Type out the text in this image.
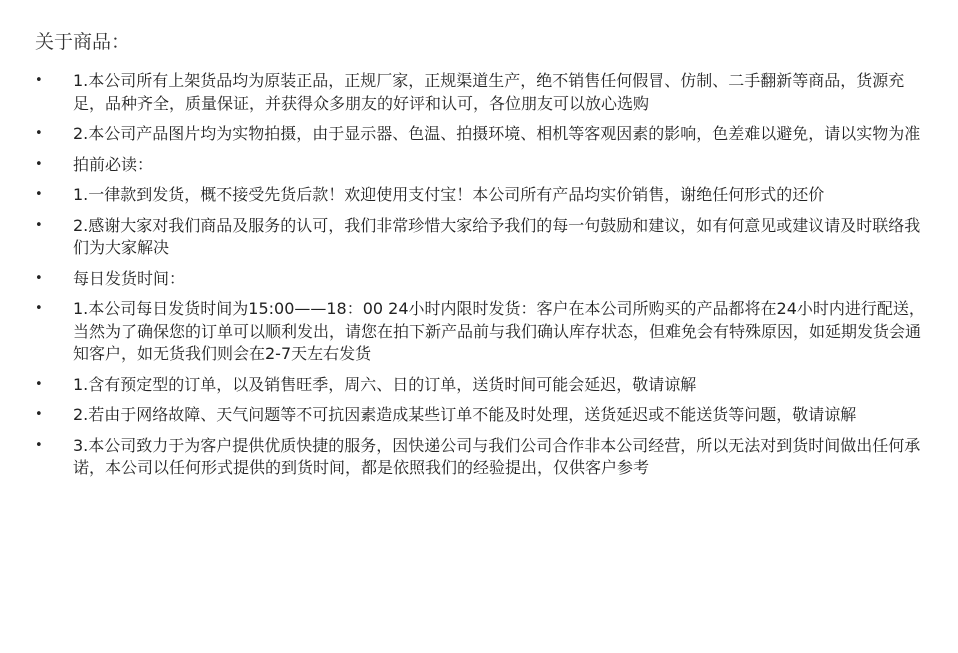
关于商品：
• 1.本公司所有上架货品均为原装正品，正规厂家，正规渠道生产，绝不销售任何假冒、仿制、二手翻新等商品，货源充足，品种齐全，质量保证，并获得众多朋友的好评和认可，各位朋友可以放心选购
• 2.本公司产品图片均为实物拍摄，由于显示器、色温、拍摄环境、相机等客观因素的影响，色差难以避免，请以实物为准
• 拍前必读：
• 1.一律款到发货，概不接受先货后款！欢迎使用支付宝！本公司所有产品均实价销售，谢绝任何形式的还价
• 2.感谢大家对我们商品及服务的认可，我们非常珍惜大家给予我们的每一句鼓励和建议，如有何意见或建议请及时联络我们为大家解决
• 每日发货时间：
• 1.本公司每日发货时间为15:00——18：00 24小时内限时发货：客户在本公司所购买的产品都将在24小时内进行配送，当然为了确保您的订单可以顺利发出，请您在拍下新产品前与我们确认库存状态，但难免会有特殊原因，如延期发货会通知客户，如无货我们则会在2-7天左右发货
• 1.含有预定型的订单，以及销售旺季，周六、日的订单，送货时间可能会延迟，敬请谅解
• 2.若由于网络故障、天气问题等不可抗因素造成某些订单不能及时处理，送货延迟或不能送货等问题，敬请谅解
• 3.本公司致力于为客户提供优质快捷的服务，因快递公司与我们公司合作非本公司经营，所以无法对到货时间做出任何承诺，本公司以任何形式提供的到货时间，都是依照我们的经验提出，仅供客户参考
